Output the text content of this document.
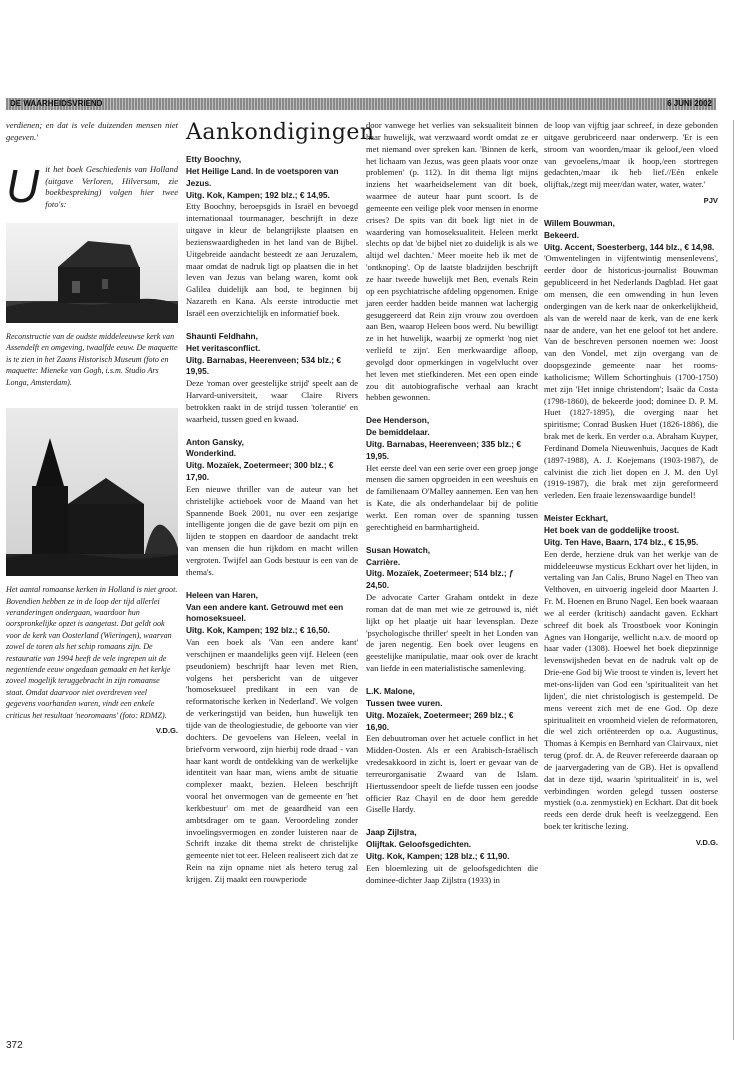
DE WAARHEIDSVRIEND	6 JUNI 2002

verdienen; en dat is vele duizenden mensen niet gegeven.'

Uit het boek Geschiedenis van Holland (uitgave Verloren, Hilversum, zie boekbespreking) volgen hier twee foto's:

Reconstructie van de oudste middeleeuwse kerk van Assendelft en omgeving, twaalfde eeuw. De maquette is te zien in het Zaans Historisch Museum (foto en maquette: Mieneke van Gogh, i.s.m. Studio Ars Longa, Amsterdam).

Het aantal romaanse kerken in Holland is niet groot. Bovendien hebben ze in de loop der tijd allerlei veranderingen ondergaan, waardoor hun oorspronkelijke opzet is aangetast. Dat geldt ook voor de kerk van Oosterland (Wieringen), waarvan zowel de toren als het schip romaans zijn. De restauratie van 1994 heeft de vele ingrepen uit de negentiende eeuw ongedaan gemaakt en het kerkje zoveel mogelijk teruggebracht in zijn romaanse staat. Omdat daarvoor niet overdreven veel gegevens voorhanden waren, vindt een enkele criticus het resultaat 'neoromaans' (foto: RDMZ).

V.D.G.

Aankondigingen

Etty Boochny,
Het Heilige Land. In de voetsporen van Jezus.
Uitg. Kok, Kampen; 192 blz.; € 14,95.

Etty Boochny, beroepsgids in Israël en bevoegd internationaal tourmanager, beschrijft in deze uitgave in kleur de belangrijkste plaatsen en bezienswaardigheden in het land van de Bijbel. Uitgebreide aandacht besteedt ze aan Jeruzalem, maar omdat de nadruk ligt op plaatsen die in het leven van Jezus van belang waren, komt ook Galilea duidelijk aan bod, te beginnen bij Nazareth en Kana. Als eerste introductie met Israël een overzichtelijk en informatief boek.

Shaunti Feldhahn,
Het veritasconflict.
Uitg. Barnabas, Heerenveen; 534 blz.; € 19,95.

Deze 'roman over geestelijke strijd' speelt aan de Harvard-universiteit, waar Claire Rivers betrokken raakt in de strijd tussen 'tolerantie' en waarheid, tussen goed en kwaad.

Anton Gansky,
Wonderkind.
Uitg. Mozaïek, Zoetermeer; 300 blz.; € 17,90.

Een nieuwe thriller van de auteur van het christelijke actieboek voor de Maand van het Spannende Boek 2001, nu over een zesjarige intelligente jongen die de gave bezit om pijn en lijden te stoppen en daardoor de aandacht trekt van mensen die hun rijkdom en macht willen vergroten. Twijfel aan Gods bestuur is een van de thema's.

Heleen van Haren,
Van een andere kant. Getrouwd met een homoseksueel.
Uitg. Kok, Kampen; 192 blz.; € 16,50.

Van een boek als 'Van een andere kant' verschijnen er maandelijks geen vijf. Heleen (een pseudoniem) beschrijft haar leven met Rien, volgens het persbericht van de uitgever 'homoseksueel predikant in een van de reformatorische kerken in Nederland'. We volgen de verkeringstijd van beiden, hun huwelijk ten tijde van de theologiestudie, de geboorte van vier dochters. De gevoelens van Heleen, veelal in briefvorm verwoord, zijn hierbij rode draad - van haar kant wordt de ontdekking van de werkelijke identiteit van haar man, wiens ambt de situatie complexer maakt, bezien. Heleen beschrijft vooral het onvermogen van de gemeente en 'het kerkbestuur' om met de geaardheid van een ambtsdrager om te gaan. Veroordeling zonder invoelingsvermogen en zonder luisteren naar de Schrift inzake dit thema strekt de christelijke gemeente niet tot eer. Heleen realiseert zich dat ze Rein na zijn opname niet als hetero terug zal krijgen. Zij maakt een rouwperiode

door vanwege het verlies van seksualiteit binnen haar huwelijk, wat verzwaard wordt omdat ze er met niemand over spreken kan. 'Binnen de kerk, het lichaam van Jezus, was geen plaats voor onze problemen' (p. 112). In dit thema ligt mijns inziens het waarheidselement van dit boek, waarmee de auteur haar punt scoort. Is de gemeente een veilige plek voor mensen in enorme crises? De spits van dit boek ligt niet in de waardering van homoseksualiteit. Heleen merkt slechts op dat 'de bijbel niet zo duidelijk is als we altijd wel dachten.' Meer moeite heb ik met de 'ontknoping'. Op de laatste bladzijden beschrijft ze haar tweede huwelijk met Ben, evenals Rein op een psychiatrische afdeling opgenomen. Enige jaren eerder hadden beide mannen wat lachergig gesuggereerd dat Rein zijn vrouw zou overdoen aan Ben, waarop Heleen boos werd. Nu bewilligt ze in het huwelijk, waarbij ze opmerkt 'nog niet verliefd te zijn'. Een merkwaardige afloop, gevolgd door opmerkingen in vogelvlucht over het leven met stiefkinderen. Met een open einde zou dit autobiografische verhaal aan kracht hebben gewonnen.

Dee Henderson,
De bemiddelaar.
Uitg. Barnabas, Heerenveen; 335 blz.; € 19,95.

Het eerste deel van een serie over een groep jonge mensen die samen opgroeiden in een weeshuis en de familienaam O'Malley aannemen. Een van hen is Kate, die als onderhandelaar bij de politie werkt. Een roman over de spanning tussen gerechtigheid en barmhartigheid.

Susan Howatch,
Carrière.
Uitg. Mozaïek, Zoetermeer; 514 blz.; ƒ 24,50.

De advocate Carter Graham ontdekt in deze roman dat de man met wie ze getrouwd is, niét lijkt op het plaatje uit haar levensplan. Deze 'psychologische thriller' speelt in het Londen van de jaren negentig. Een boek over leugens en geestelijke manipulatie, maar ook over de kracht van liefde in een materialistische samenleving.

L.K. Malone,
Tussen twee vuren.
Uitg. Mozaïek, Zoetermeer; 269 blz.; € 16,90.

Een debuutroman over het actuele conflict in het Midden-Oosten. Als er een Arabisch-Israëlisch vredesakkoord in zicht is, loert er gevaar van de terreurorganisatie Zwaard van de Islam. Hiertussendoor speelt de liefde tussen een joodse officier Raz Chayil en de door hem geredde Giselle Hardy.

Jaap Zijlstra,
Olijftak. Geloofsgedichten.
Uitg. Kok, Kampen; 128 blz.; € 11,90.

Een bloemlezing uit de geloofsgedichten die dominee-dichter Jaap Zijlstra (1933) in

de loop van vijftig jaar schreef, in deze gebonden uitgave gerubriceerd naar onderwerp. 'Er is een stroom van woorden,/maar ik geloof,/een vloed van gevoelens,/maar ik hoop,/een stortregen gedachten,/maar ik heb lief.//Eén enkele olijftak,/zegt mij meer/dan water, water, water.'

PJV

Willem Bouwman,
Bekeerd.
Uitg. Accent, Soesterberg, 144 blz., € 14,98.

'Omwentelingen in vijfentwintig mensenlevens', eerder door de historicus-journalist Bouwman gepubliceerd in het Nederlands Dagblad. Het gaat om mensen, die een omwending in hun leven ondergingen van de kerk naar de onkerkelijkheid, als van de wereld naar de kerk, van de ene kerk naar de andere, van het ene geloof tot het andere. Van de beschreven personen noemen we: Joost van den Vondel, met zijn overgang van de doopsgezinde gemeente naar het rooms-katholicisme; Willem Schortinghuis (1700-1750) met zijn 'Het innige christendom'; Isaäc da Costa (1798-1860), de bekeerde jood; dominee D. P. M. Huet (1827-1895), die overging naar het spiritisme; Conrad Busken Huet (1826-1886), die brak met de kerk. En verder o.a. Abraham Kuyper, Ferdinand Domela Nieuwenhuis, Jacques de Kadt (1897-1988), A. J. Koejemans (1903-1987), de calvinist die zich liet dopen en J. M. den Uyl (1919-1987), die brak met zijn gereformeerd verleden. Een fraaie lezenswaardige bundel!

Meister Eckhart,
Het boek van de goddelijke troost.
Uitg. Ten Have, Baarn, 174 blz., € 15,95.

Een derde, herziene druk van het werkje van de middeleeuwse mysticus Eckhart over het lijden, in vertaling van Jan Calis, Bruno Nagel en Theo van Velthoven, en uitvoerig ingeleid door Maarten J. Fr. M. Hoenen en Bruno Nagel. Een boek waaraan we al eerder (kritisch) aandacht gaven. Eckhart schreef dit boek als Troostboek voor Koningin Agnes van Hongarije, wellicht n.a.v. de moord op haar vader (1308). Hoewel het boek diepzinnige levenswijsheden bevat en de nadruk valt op de Drie-ene God bij Wie troost te vinden is, levert het met-ons-lijden van God een 'spiritualiteit van het lijden', die niet christologisch is gestempeld. De mens vereent zich met de ene God. Op deze spiritualiteit en vroomheid vielen de reformatoren, die wel zich oriënteerden op o.a. Augustinus, Thomas à Kempis en Bernhard van Clairvaux, niet terug (prof. dr. A. de Reuver refereerde daaraan op de jaarvergadering van de GB). Het is opvallend dat in deze tijd, waarin 'spiritualiteit' in is, wel verbindingen worden gelegd tussen oostersе mystiek (o.a. zenmystiek) en Eckhart. Dat dit boek reeds een derde druk heeft is veelzeggend. Een boek ter kritische lezing.

V.D.G.

372
